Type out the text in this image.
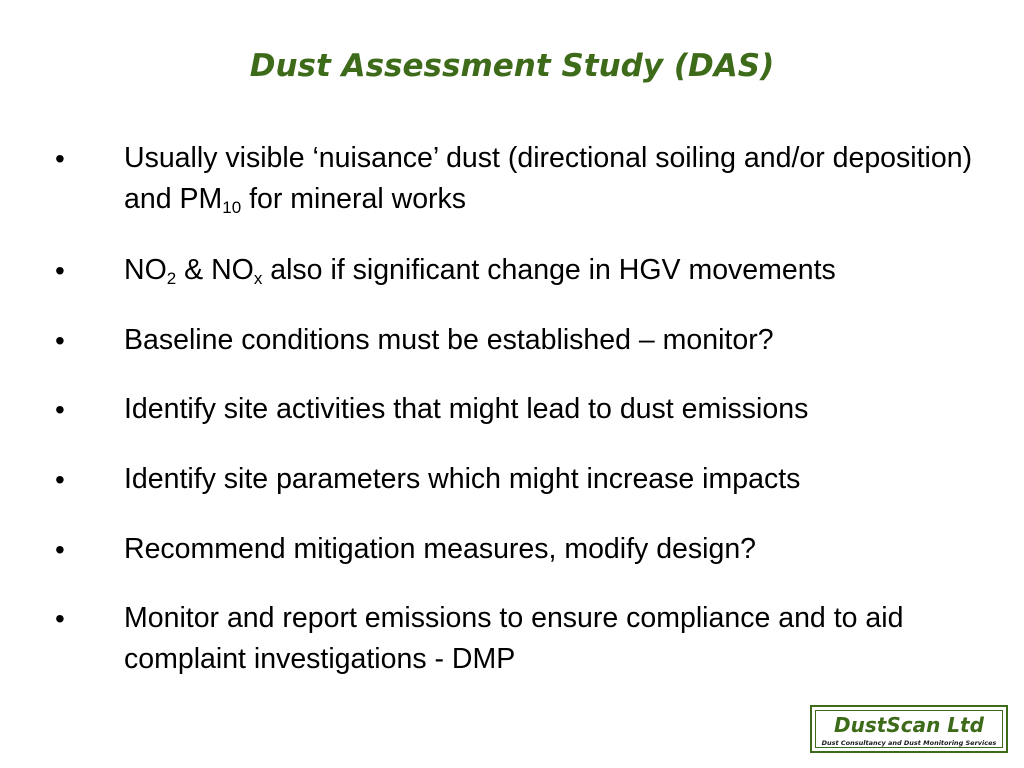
Dust Assessment Study (DAS)
• Usually visible ‘nuisance’ dust (directional soiling and/or deposition) and $PM_{10}$ for mineral works
• $NO_2$ & $NO_x$ also if significant change in HGV movements
• Baseline conditions must be established – monitor?
• Identify site activities that might lead to dust emissions
• Identify site parameters which might increase impacts
• Recommend mitigation measures, modify design?
• Monitor and report emissions to ensure compliance and to aid complaint investigations - DMP
DustScan Ltd
Dust Consultancy and Dust Monitoring Services
